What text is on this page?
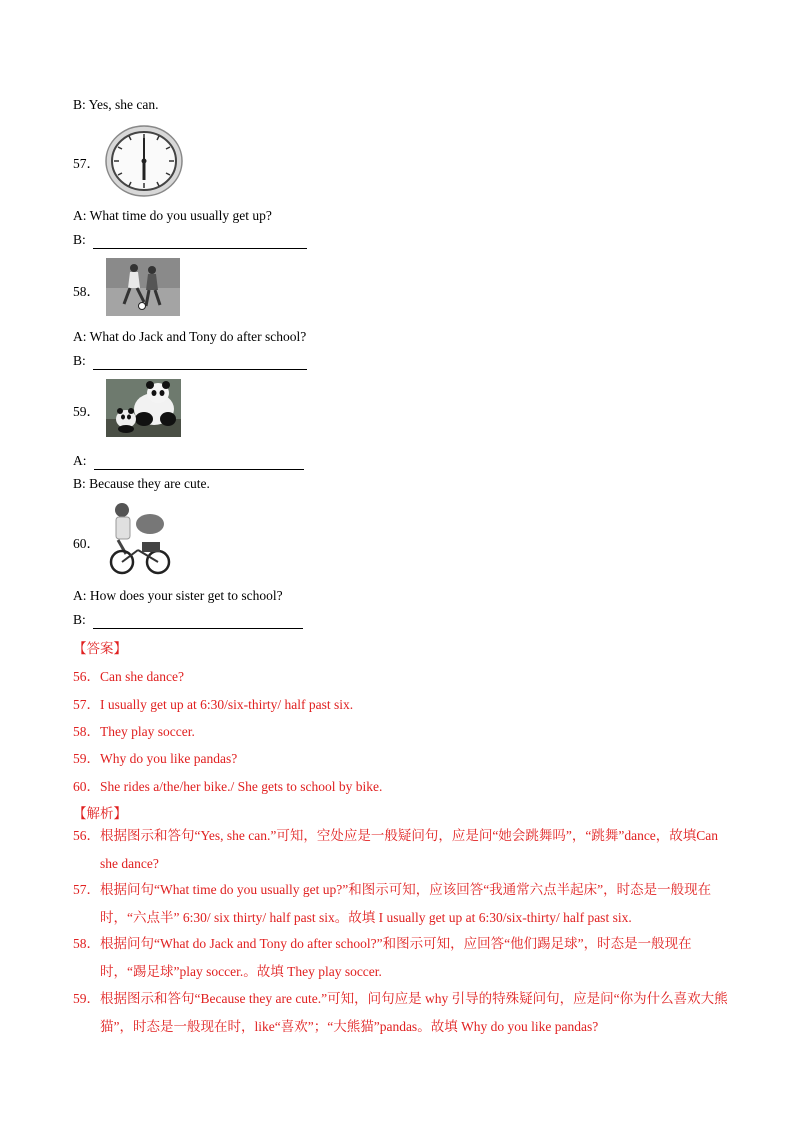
B: Yes, she can.
57．
A: What time do you usually get up?
B:
58．
A: What do Jack and Tony do after school?
B:
59．
A:
B: Because they are cute.
60．
A: How does your sister get to school?
B:
【答案】
56．Can she dance?
57．I usually get up at 6:30/six-thirty/ half past six.
58．They play soccer.
59．Why do you like pandas?
60．She rides a/the/her bike./ She gets to school by bike.
【解析】
56． 根据图示和答句“Yes, she can.”可知，空处应是一般疑问句，应是问“她会跳舞吗”，“跳舞”dance，故填Can she dance?
57． 根据问句“What time do you usually get up?”和图示可知，应该回答“我通常六点半起床”，时态是一般现在时，“六点半” 6:30/ six thirty/ half past six。故填 I usually get up at 6:30/six-thirty/ half past six.
58． 根据问句“What do Jack and Tony do after school?”和图示可知，应回答“他们踢足球”，时态是一般现在时，“踢足球”play soccer.。故填 They play soccer.
59． 根据图示和答句“Because they are cute.”可知，问句应是 why 引导的特殊疑问句，应是问“你为什么喜欢大熊猫”，时态是一般现在时，like“喜欢”；“大熊猫”pandas。故填 Why do you like pandas?
